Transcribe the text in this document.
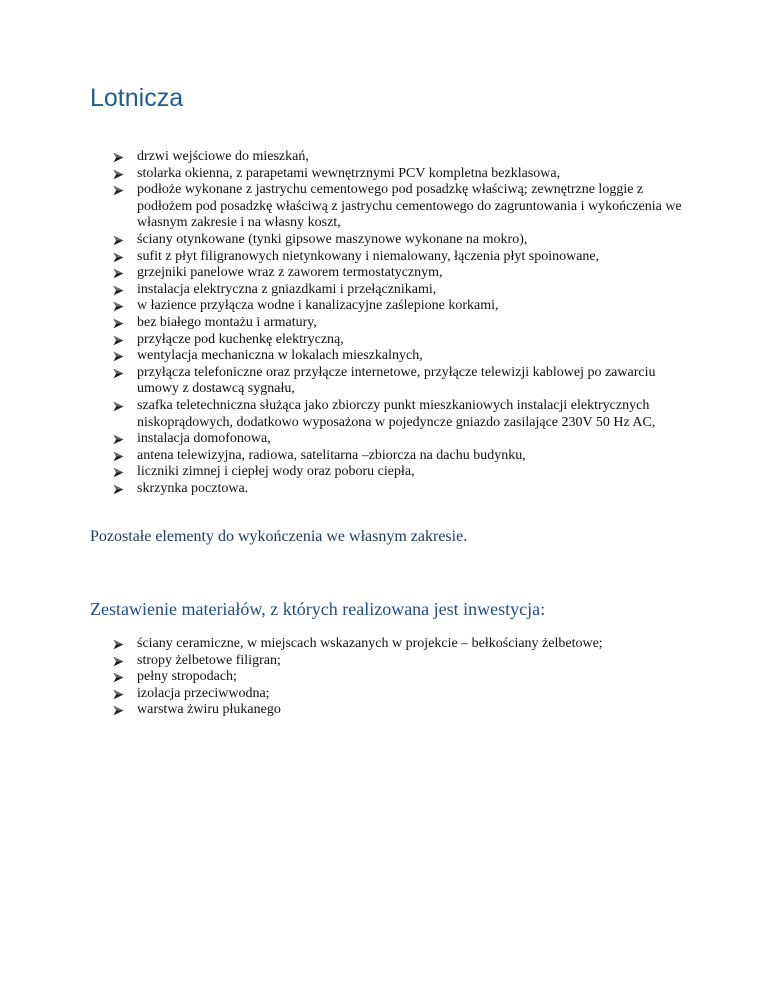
Lotnicza
drzwi wejściowe do mieszkań,
stolarka okienna, z parapetami wewnętrznymi PCV kompletna bezklasowa,
podłoże wykonane z jastrychu cementowego pod posadzkę właściwą; zewnętrzne loggie z podłożem pod posadzkę właściwą z jastrychu cementowego do zagruntowania i wykończenia we własnym zakresie i na własny koszt,
ściany otynkowane (tynki gipsowe maszynowe wykonane na mokro),
sufit z płyt filigranowych nietynkowany i niemalowany, łączenia płyt spoinowane,
grzejniki panelowe wraz z zaworem termostatycznym,
instalacja elektryczna z gniazdkami i przełącznikami,
w łazience przyłącza wodne i kanalizacyjne zaślepione korkami,
bez białego montażu i armatury,
przyłącze pod kuchenkę elektryczną,
wentylacja mechaniczna w lokalach mieszkalnych,
przyłącza telefoniczne oraz przyłącze internetowe, przyłącze telewizji kablowej po zawarciu umowy z dostawcą sygnału,
szafka teletechniczna służąca jako zbiorczy punkt mieszkaniowych instalacji elektrycznych niskoprądowych, dodatkowo wyposażona w pojedyncze gniazdo zasilające 230V 50 Hz AC,
instalacja domofonowa,
antena telewizyjna, radiowa, satelitarna –zbiorcza na dachu budynku,
liczniki zimnej i ciepłej wody oraz poboru ciepła,
skrzynka pocztowa.

Pozostałe elementy do wykończenia we własnym zakresie.

Zestawienie materiałów, z których realizowana jest inwestycja:
ściany ceramiczne, w miejscach wskazanych w projekcie – bełkościany żelbetowe;
stropy żelbetowe filigran;
pełny stropodach;
izolacja przeciwwodna;
warstwa żwiru płukanego
